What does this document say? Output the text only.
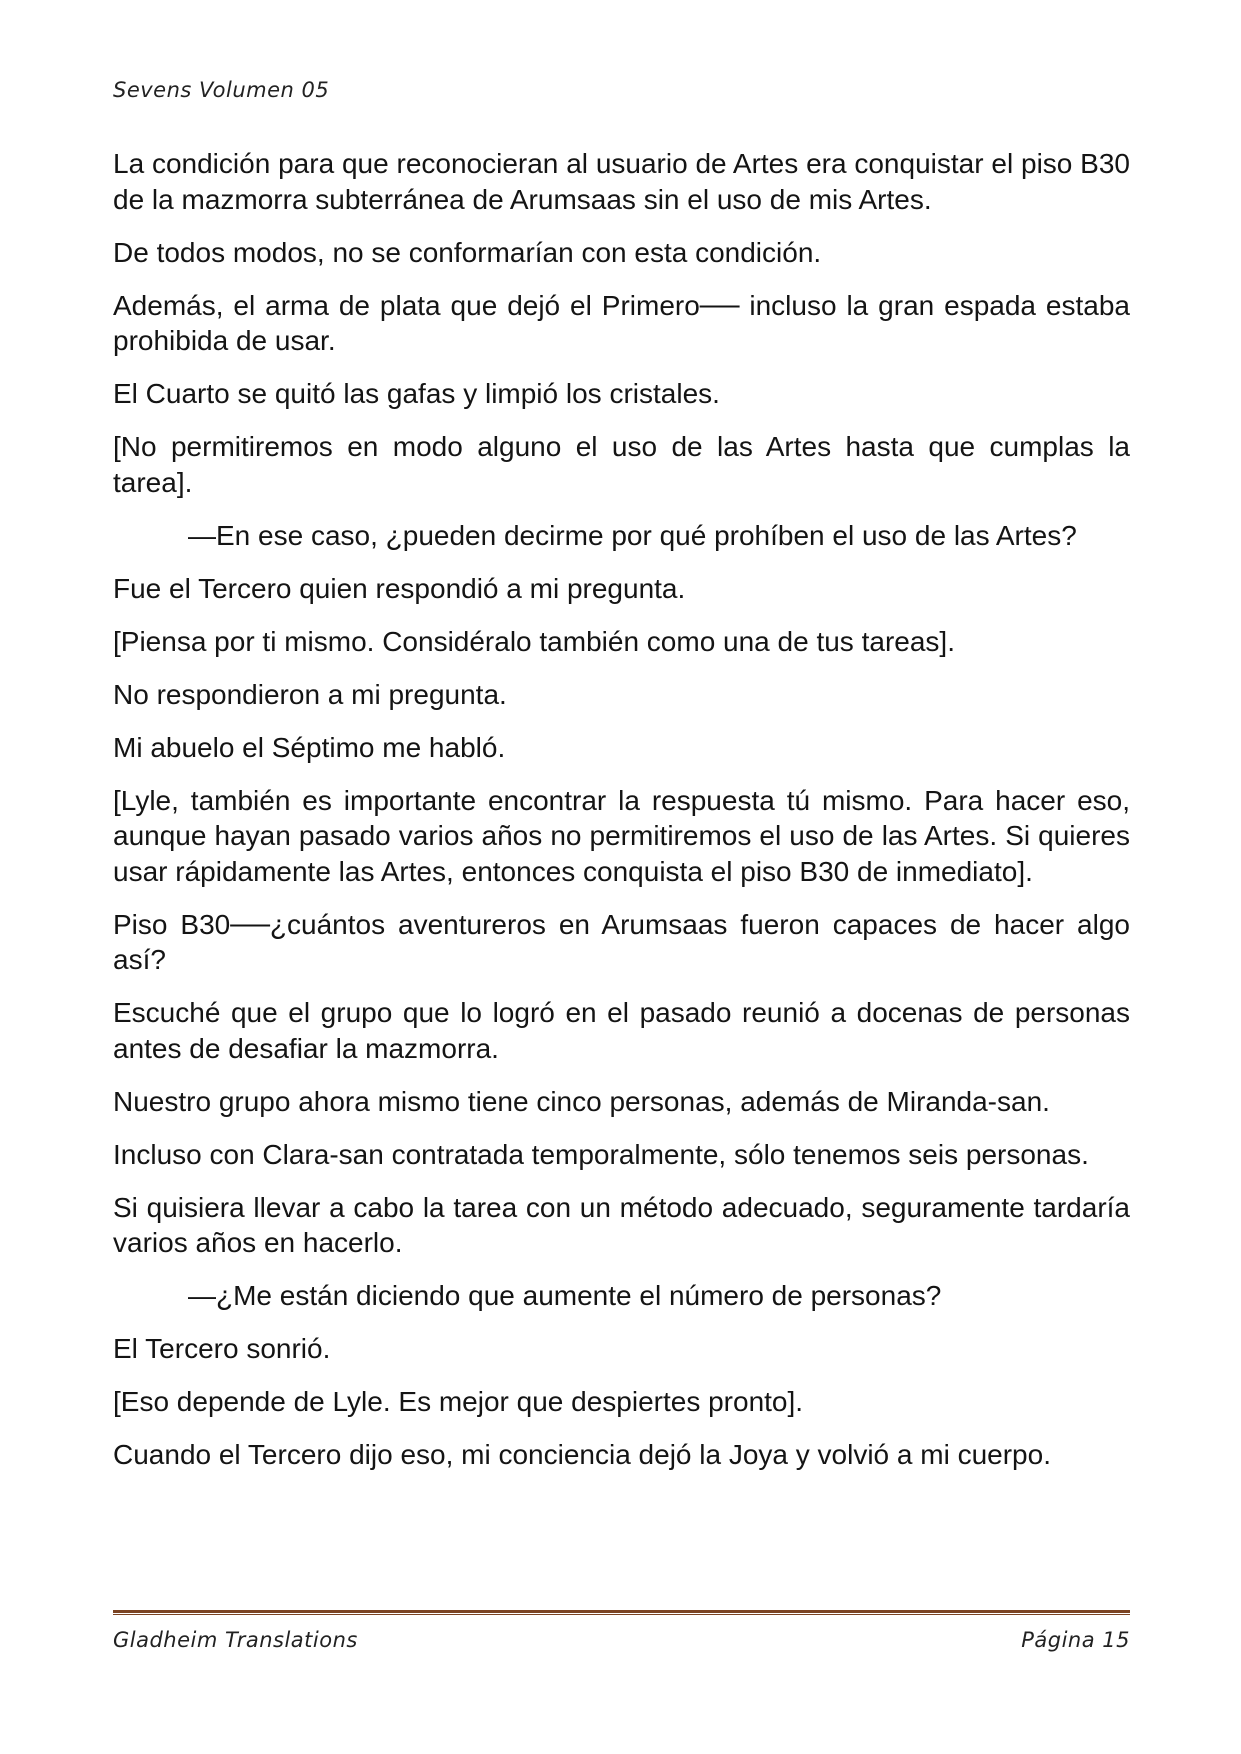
Sevens Volumen 05

La condición para que reconocieran al usuario de Artes era conquistar el piso B30 de la mazmorra subterránea de Arumsaas sin el uso de mis Artes.

De todos modos, no se conformarían con esta condición.

Además, el arma de plata que dejó el Primero── incluso la gran espada estaba prohibida de usar.

El Cuarto se quitó las gafas y limpió los cristales.

[No permitiremos en modo alguno el uso de las Artes hasta que cumplas la tarea].

—En ese caso, ¿pueden decirme por qué prohíben el uso de las Artes?

Fue el Tercero quien respondió a mi pregunta.

[Piensa por ti mismo. Considéralo también como una de tus tareas].

No respondieron a mi pregunta.

Mi abuelo el Séptimo me habló.

[Lyle, también es importante encontrar la respuesta tú mismo. Para hacer eso, aunque hayan pasado varios años no permitiremos el uso de las Artes. Si quieres usar rápidamente las Artes, entonces conquista el piso B30 de inmediato].

Piso B30──¿cuántos aventureros en Arumsaas fueron capaces de hacer algo así?

Escuché que el grupo que lo logró en el pasado reunió a docenas de personas antes de desafiar la mazmorra.

Nuestro grupo ahora mismo tiene cinco personas, además de Miranda-san.

Incluso con Clara-san contratada temporalmente, sólo tenemos seis personas.

Si quisiera llevar a cabo la tarea con un método adecuado, seguramente tardaría varios años en hacerlo.

—¿Me están diciendo que aumente el número de personas?

El Tercero sonrió.

[Eso depende de Lyle. Es mejor que despiertes pronto].

Cuando el Tercero dijo eso, mi conciencia dejó la Joya y volvió a mi cuerpo.

Gladheim Translations	Página 15
